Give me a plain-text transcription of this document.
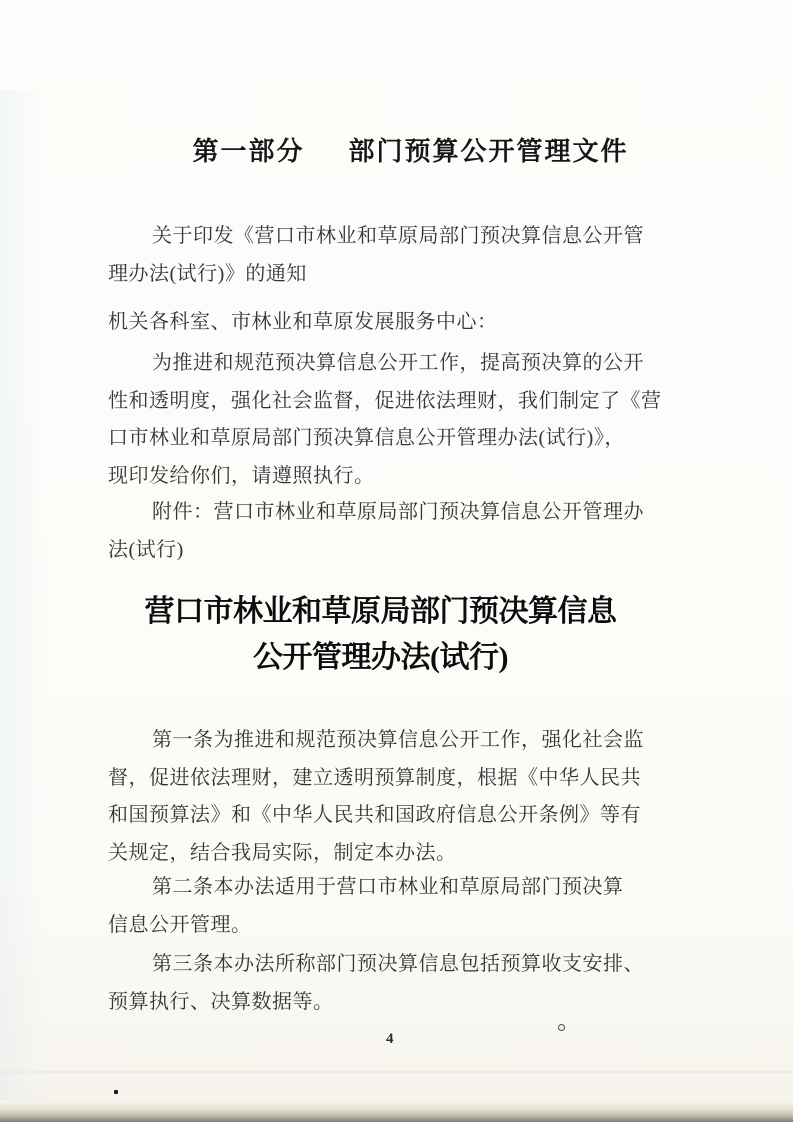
第一部分 部门预算公开管理文件
关于印发《营口市林业和草原局部门预决算信息公开管
理办法(试行)》的通知
机关各科室、市林业和草原发展服务中心：
为推进和规范预决算信息公开工作，提高预决算的公开
性和透明度，强化社会监督，促进依法理财，我们制定了《营
口市林业和草原局部门预决算信息公开管理办法(试行)》，
现印发给你们，请遵照执行。
附件：营口市林业和草原局部门预决算信息公开管理办
法(试行)
营口市林业和草原局部门预决算信息
公开管理办法(试行)
第一条为推进和规范预决算信息公开工作，强化社会监
督，促进依法理财，建立透明预算制度，根据《中华人民共
和国预算法》和《中华人民共和国政府信息公开条例》等有
关规定，结合我局实际，制定本办法。
第二条本办法适用于营口市林业和草原局部门预决算
信息公开管理。
第三条本办法所称部门预决算信息包括预算收支安排、
预算执行、决算数据等。
4
